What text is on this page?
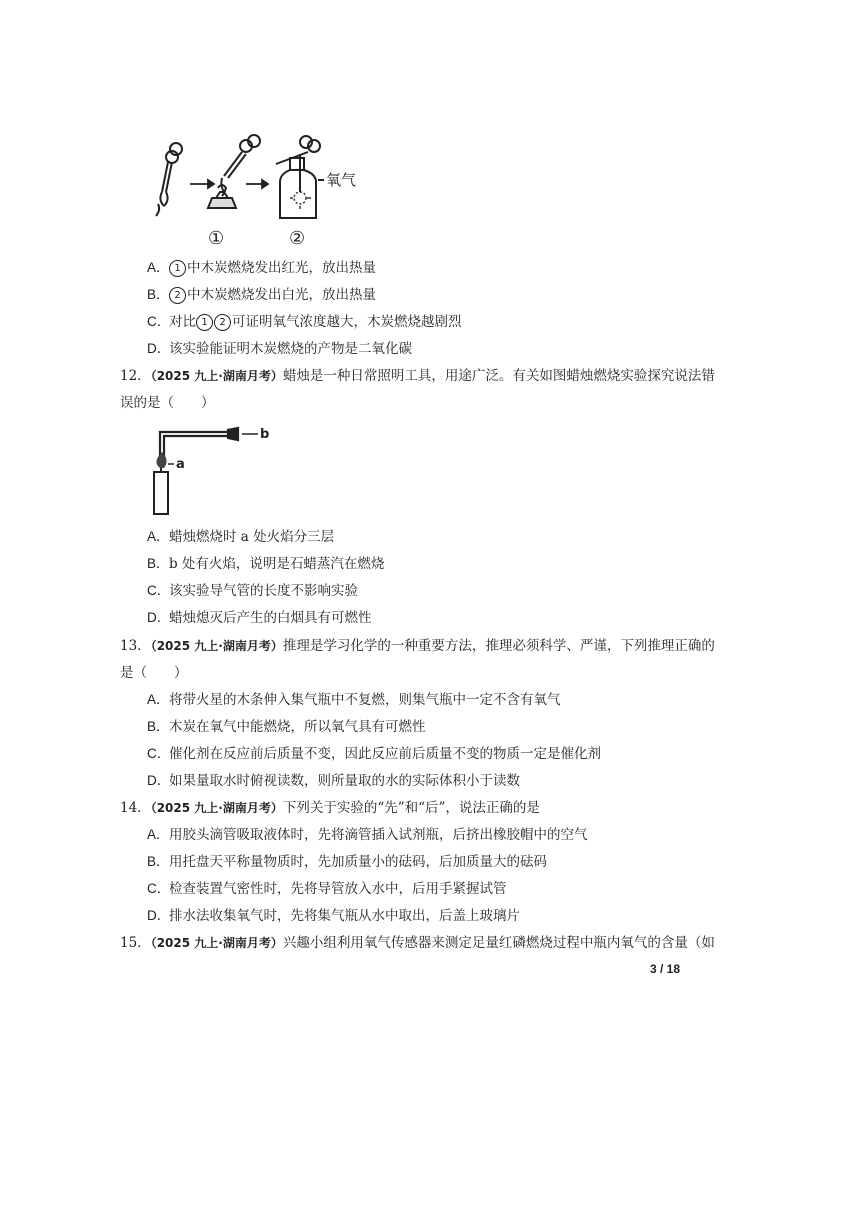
氧气
①	②
A． 1 中木炭燃烧发出红光，放出热量
B． 2 中木炭燃烧发出白光，放出热量
C．对比 1 2 可证明氧气浓度越大，木炭燃烧越剧烈
D．该实验能证明木炭燃烧的产物是二氧化碳
12．（2025 九上·湖南月考）蜡烛是一种日常照明工具，用途广泛。有关如图蜡烛燃烧实验探究说法错
误的是（　　）
a
b
A．蜡烛燃烧时 a 处火焰分三层
B．b 处有火焰，说明是石蜡蒸汽在燃烧
C．该实验导气管的长度不影响实验
D．蜡烛熄灭后产生的白烟具有可燃性
13．（2025 九上·湖南月考）推理是学习化学的一种重要方法，推理必须科学、严谨，下列推理正确的
是（　　）
A．将带火星的木条伸入集气瓶中不复燃，则集气瓶中一定不含有氧气
B．木炭在氧气中能燃烧，所以氧气具有可燃性
C．催化剂在反应前后质量不变，因此反应前后质量不变的物质一定是催化剂
D．如果量取水时俯视读数，则所量取的水的实际体积小于读数
14．（2025 九上·湖南月考）下列关于实验的“先”和“后”，说法正确的是
A．用胶头滴管吸取液体时，先将滴管插入试剂瓶，后挤出橡胶帽中的空气
B．用托盘天平称量物质时，先加质量小的砝码，后加质量大的砝码
C．检查装置气密性时，先将导管放入水中，后用手紧握试管
D．排水法收集氧气时，先将集气瓶从水中取出，后盖上玻璃片
15．（2025 九上·湖南月考）兴趣小组利用氧气传感器来测定足量红磷燃烧过程中瓶内氧气的含量（如
3 / 18
